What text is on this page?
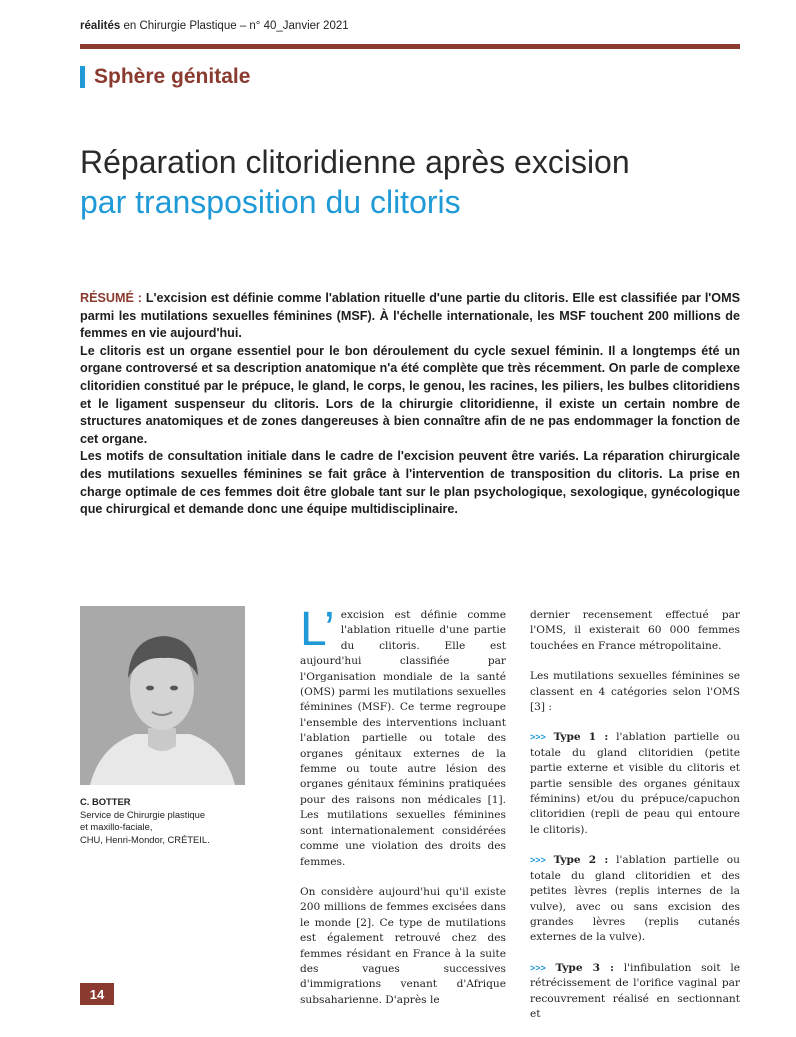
réalités en Chirurgie Plastique – n° 40_Janvier 2021
Sphère génitale
Réparation clitoridienne après excision
par transposition du clitoris

RÉSUMÉ : L'excision est définie comme l'ablation rituelle d'une partie du clitoris. Elle est classifiée par l'OMS parmi les mutilations sexuelles féminines (MSF). À l'échelle internationale, les MSF touchent 200 millions de femmes en vie aujourd'hui.

Le clitoris est un organe essentiel pour le bon déroulement du cycle sexuel féminin. Il a longtemps été un organe controversé et sa description anatomique n'a été complète que très récemment. On parle de complexe clitoridien constitué par le prépuce, le gland, le corps, le genou, les racines, les piliers, les bulbes clitoridiens et le ligament suspenseur du clitoris. Lors de la chirurgie clitoridienne, il existe un certain nombre de structures anatomiques et de zones dangereuses à bien connaître afin de ne pas endommager la fonction de cet organe.

Les motifs de consultation initiale dans le cadre de l'excision peuvent être variés. La réparation chirurgicale des mutilations sexuelles féminines se fait grâce à l'intervention de transposition du clitoris. La prise en charge optimale de ces femmes doit être globale tant sur le plan psychologique, sexologique, gynécologique que chirurgical et demande donc une équipe multidisciplinaire.

C. BOTTER
Service de Chirurgie plastique
et maxillo-faciale,
CHU, Henri-Mondor, CRÉTEIL.

L’ excision est définie comme l'ablation rituelle d'une partie du clitoris. Elle est aujourd'hui classifiée par l'Organisation mondiale de la santé (OMS) parmi les mutilations sexuelles féminines (MSF). Ce terme regroupe l'ensemble des interventions incluant l'ablation partielle ou totale des organes génitaux externes de la femme ou toute autre lésion des organes génitaux féminins pratiquées pour des raisons non médicales [1]. Les mutilations sexuelles féminines sont internationalement considérées comme une violation des droits des femmes.

On considère aujourd'hui qu'il existe 200 millions de femmes excisées dans le monde [2]. Ce type de mutilations est également retrouvé chez des femmes résidant en France à la suite des vagues successives d'immigrations venant d'Afrique subsaharienne. D'après le

dernier recensement effectué par l'OMS, il existerait 60 000 femmes touchées en France métropolitaine.

Les mutilations sexuelles féminines se classent en 4 catégories selon l'OMS [3] :

>>> Type 1 : l'ablation partielle ou totale du gland clitoridien (petite partie externe et visible du clitoris et partie sensible des organes génitaux féminins) et/ou du prépuce/capuchon clitoridien (repli de peau qui entoure le clitoris).

>>> Type 2 : l'ablation partielle ou totale du gland clitoridien et des petites lèvres (replis internes de la vulve), avec ou sans excision des grandes lèvres (replis cutanés externes de la vulve).

>>> Type 3 : l'infibulation soit le rétrécissement de l'orifice vaginal par recouvrement réalisé en sectionnant et

14
